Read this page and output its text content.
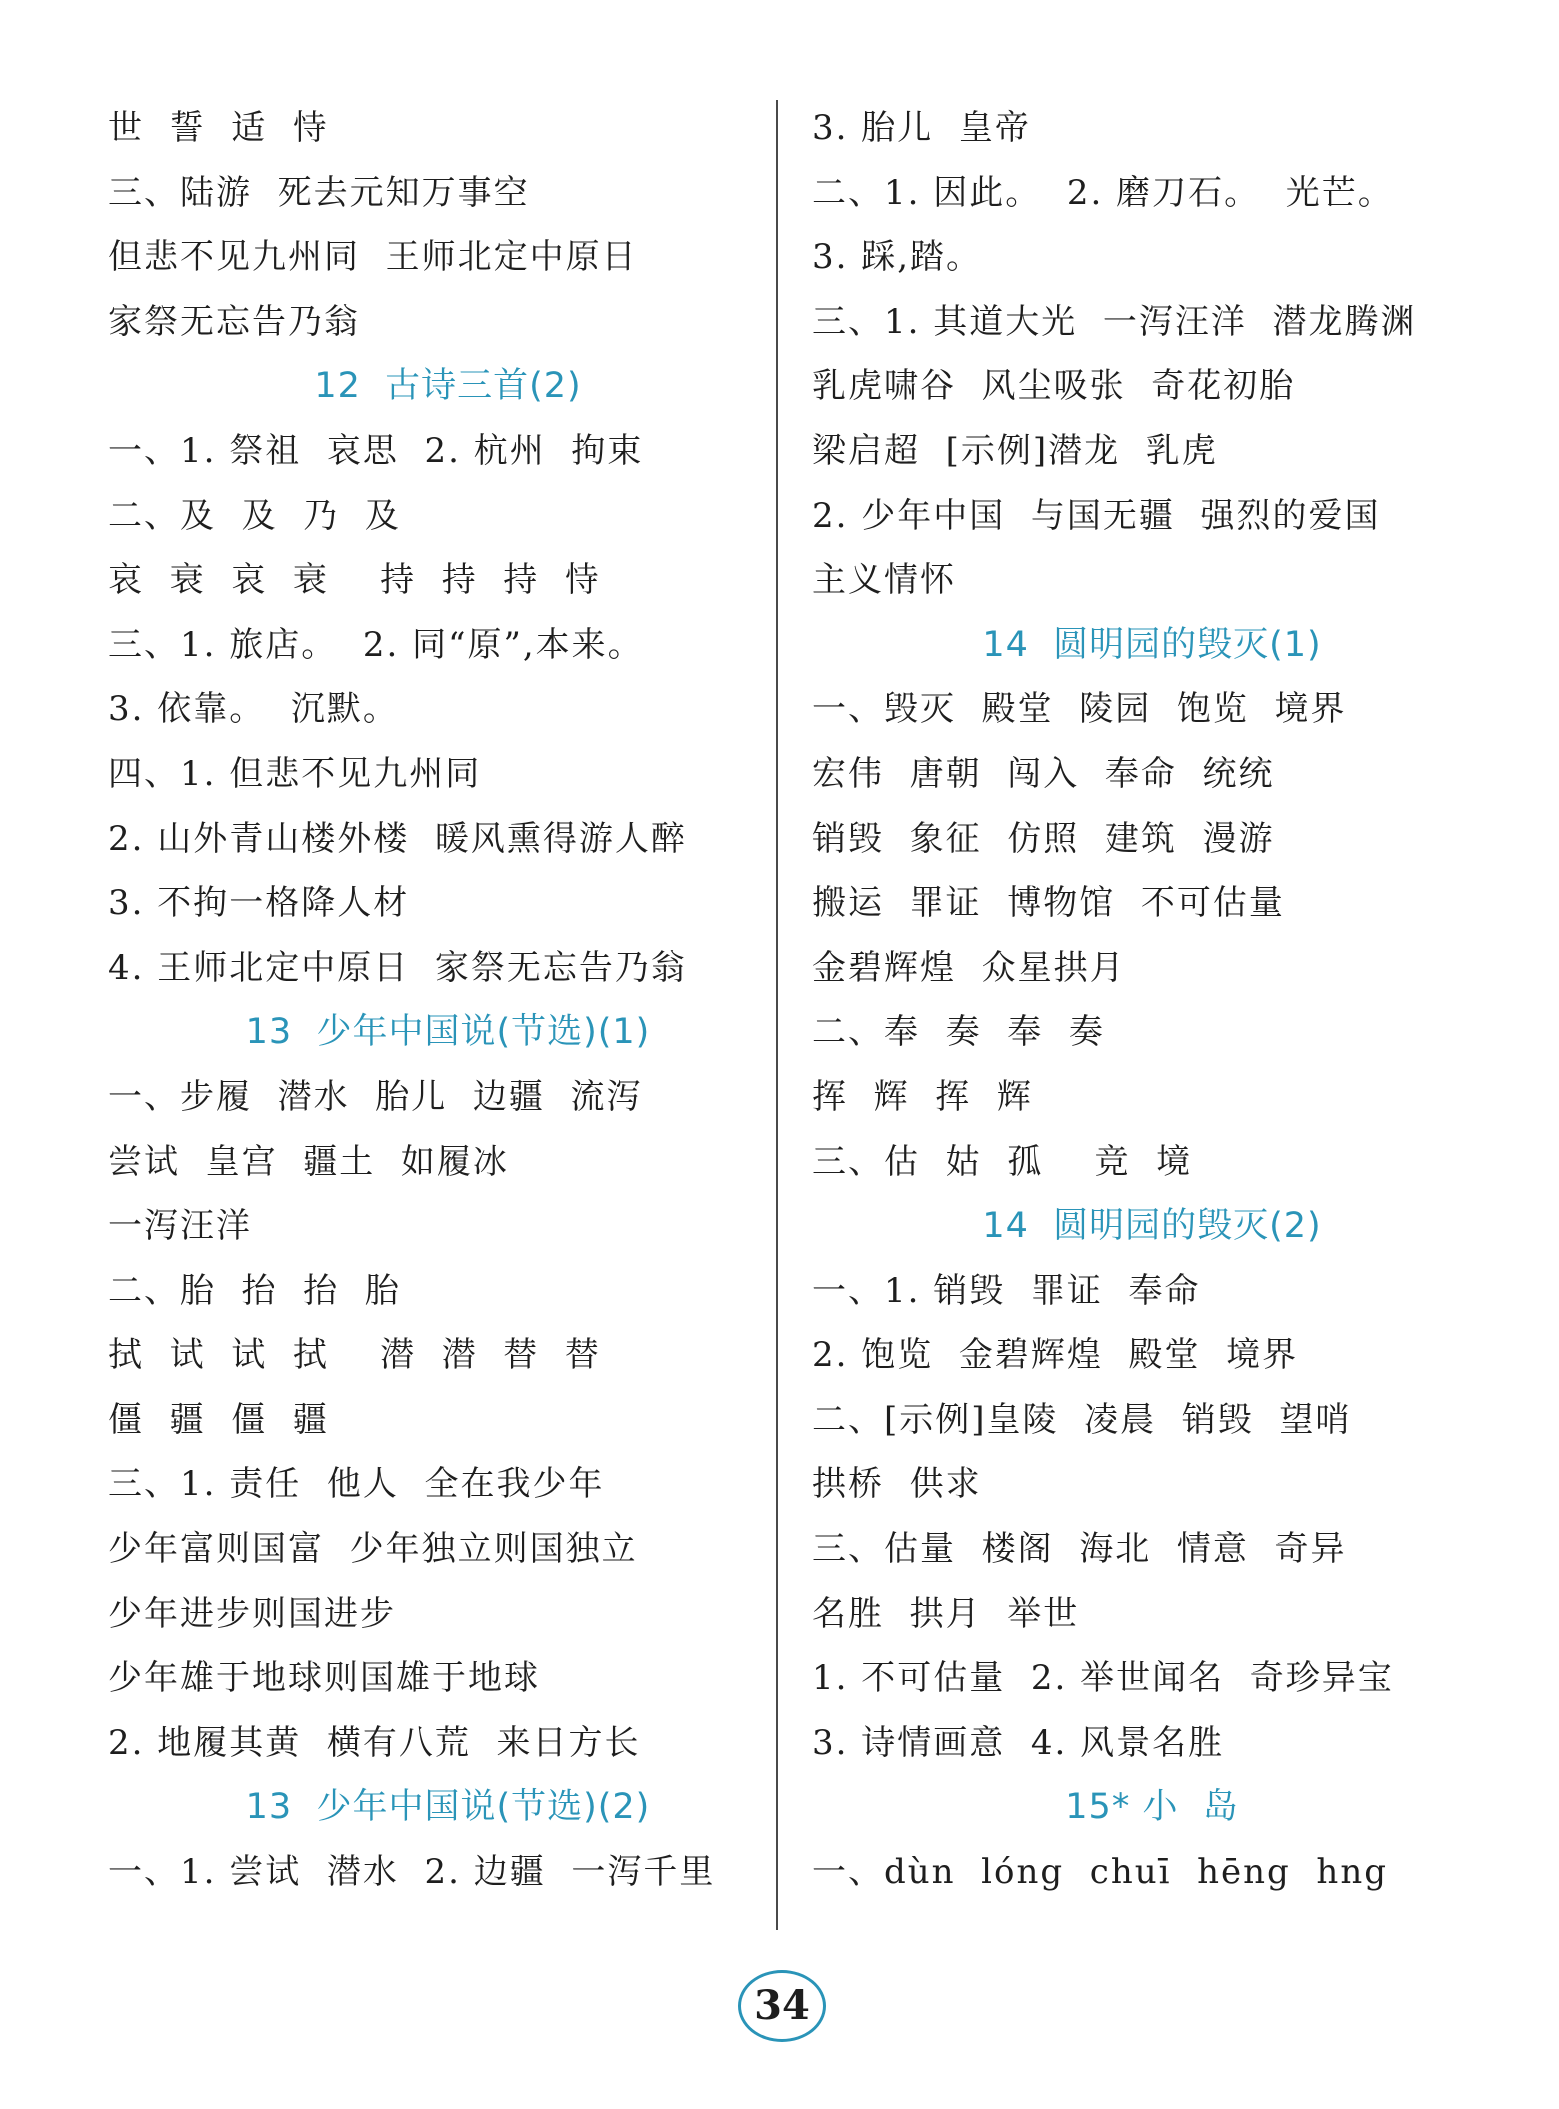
世  誓  适  恃
三、陆游  死去元知万事空
但悲不见九州同  王师北定中原日
家祭无忘告乃翁
12  古诗三首(2)
一、1. 祭祖  哀思  2. 杭州  拘束
二、及  及  乃  及
哀  衰  哀  衰    持  持  持  恃
三、1. 旅店。  2. 同“原”,本来。
3. 依靠。  沉默。
四、1. 但悲不见九州同
2. 山外青山楼外楼  暖风熏得游人醉
3. 不拘一格降人材
4. 王师北定中原日  家祭无忘告乃翁
13  少年中国说(节选)(1)
一、步履  潜水  胎儿  边疆  流泻
尝试  皇宫  疆土  如履冰
一泻汪洋
二、胎  抬  抬  胎
拭  试  试  拭    潜  潜  替  替
僵  疆  僵  疆
三、1. 责任  他人  全在我少年
少年富则国富  少年独立则国独立
少年进步则国进步
少年雄于地球则国雄于地球
2. 地履其黄  横有八荒  来日方长
13  少年中国说(节选)(2)
一、1. 尝试  潜水  2. 边疆  一泻千里
3. 胎儿  皇帝
二、1. 因此。  2. 磨刀石。  光芒。
3. 踩,踏。
三、1. 其道大光  一泻汪洋  潜龙腾渊
乳虎啸谷  风尘吸张  奇花初胎
梁启超  [示例]潜龙  乳虎
2. 少年中国  与国无疆  强烈的爱国
主义情怀
14  圆明园的毁灭(1)
一、毁灭  殿堂  陵园  饱览  境界
宏伟  唐朝  闯入  奉命  统统
销毁  象征  仿照  建筑  漫游
搬运  罪证  博物馆  不可估量
金碧辉煌  众星拱月
二、奉  奏  奉  奏
挥  辉  挥  辉
三、估  姑  孤    竞  境
14  圆明园的毁灭(2)
一、1. 销毁  罪证  奉命
2. 饱览  金碧辉煌  殿堂  境界
二、[示例]皇陵  凌晨  销毁  望哨
拱桥  供求
三、估量  楼阁  海北  情意  奇异
名胜  拱月  举世
1. 不可估量  2. 举世闻名  奇珍异宝
3. 诗情画意  4. 风景名胜
15* 小  岛
一、dùn  lóng  chuī  hēng  hng
34
